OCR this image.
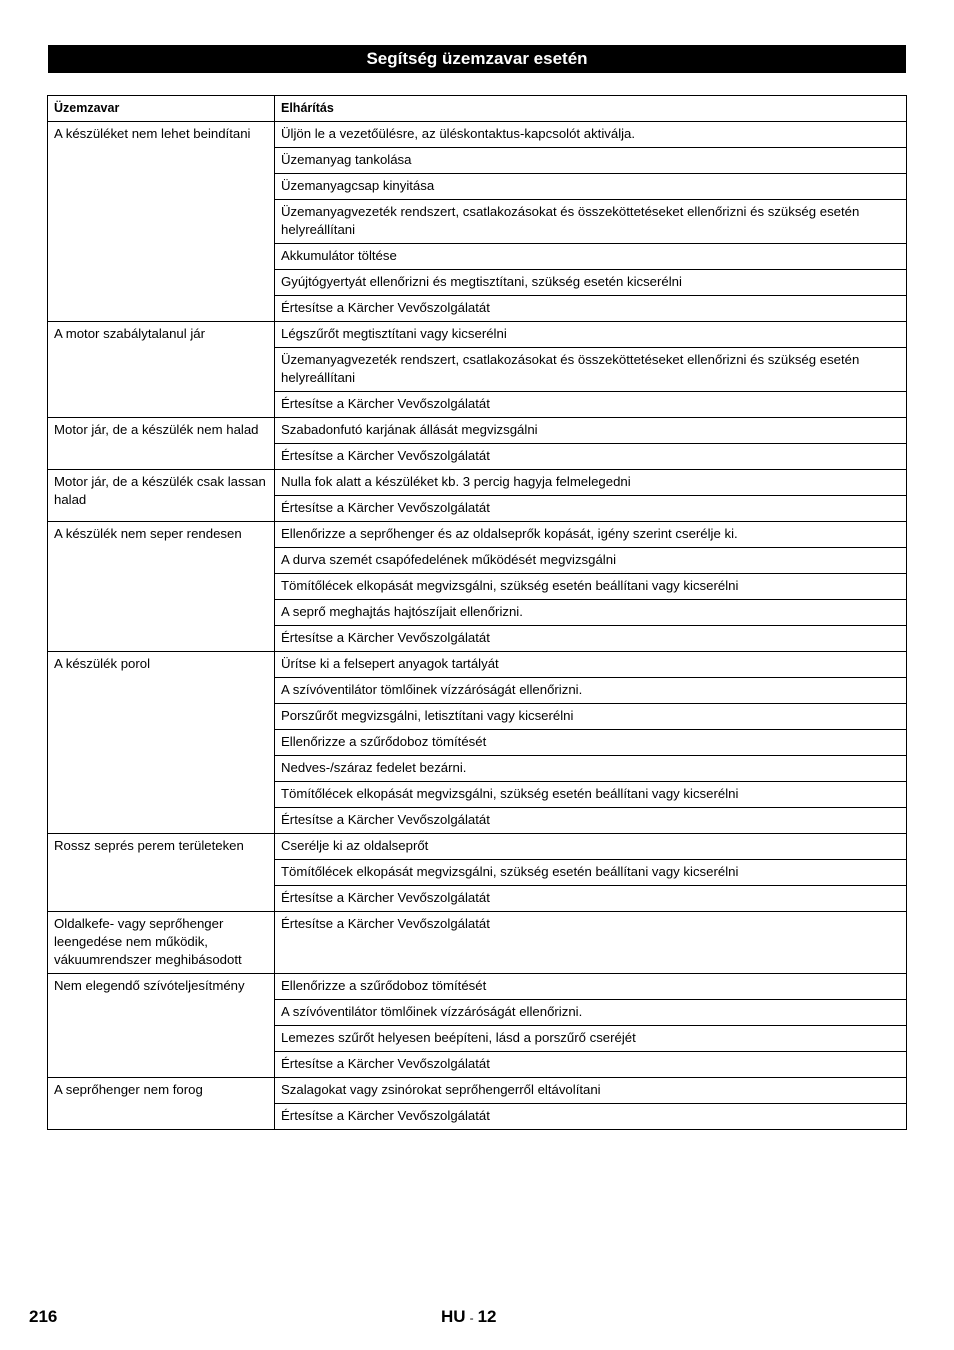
Segítség üzemzavar esetén
Üzemzavar	Elhárítás
A készüléket nem lehet beindítani	Üljön le a vezetőülésre, az üléskontaktus-kapcsolót aktiválja.
	Üzemanyag tankolása
	Üzemanyagcsap kinyitása
	Üzemanyagvezeték rendszert, csatlakozásokat és összeköttetéseket ellenőrizni és szükség esetén helyreállítani
	Akkumulátor töltése
	Gyújtógyertyát ellenőrizni és megtisztítani, szükség esetén kicserélni
	Értesítse a Kärcher Vevőszolgálatát
A motor szabálytalanul jár	Légszűrőt megtisztítani vagy kicserélni
	Üzemanyagvezeték rendszert, csatlakozásokat és összeköttetéseket ellenőrizni és szükség esetén helyreállítani
	Értesítse a Kärcher Vevőszolgálatát
Motor jár, de a készülék nem halad	Szabadonfutó karjának állását megvizsgálni
	Értesítse a Kärcher Vevőszolgálatát
Motor jár, de a készülék csak lassan halad	Nulla fok alatt a készüléket kb. 3 percig hagyja felmelegedni
	Értesítse a Kärcher Vevőszolgálatát
A készülék nem seper rendesen	Ellenőrizze a seprőhenger és az oldalseprők kopását, igény szerint cserélje ki.
	A durva szemét csapófedelének működését megvizsgálni
	Tömítőlécek elkopását megvizsgálni, szükség esetén beállítani vagy kicserélni
	A seprő meghajtás hajtószíjait ellenőrizni.
	Értesítse a Kärcher Vevőszolgálatát
A készülék porol	Ürítse ki a felsepert anyagok tartályát
	A szívóventilátor tömlőinek vízzáróságát ellenőrizni.
	Porszűrőt megvizsgálni, letisztítani vagy kicserélni
	Ellenőrizze a szűrődoboz tömítését
	Nedves-/száraz fedelet bezárni.
	Tömítőlécek elkopását megvizsgálni, szükség esetén beállítani vagy kicserélni
	Értesítse a Kärcher Vevőszolgálatát
Rossz seprés perem területeken	Cserélje ki az oldalseprőt
	Tömítőlécek elkopását megvizsgálni, szükség esetén beállítani vagy kicserélni
	Értesítse a Kärcher Vevőszolgálatát
Oldalkefe- vagy seprőhenger leengedése nem működik, vákuumrendszer meghibásodott	Értesítse a Kärcher Vevőszolgálatát
Nem elegendő szívóteljesítmény	Ellenőrizze a szűrődoboz tömítését
	A szívóventilátor tömlőinek vízzáróságát ellenőrizni.
	Lemezes szűrőt helyesen beépíteni, lásd a porszűrő cseréjét
	Értesítse a Kärcher Vevőszolgálatát
A seprőhenger nem forog	Szalagokat vagy zsinórokat seprőhengerről eltávolítani
	Értesítse a Kärcher Vevőszolgálatát
216	HU - 12
